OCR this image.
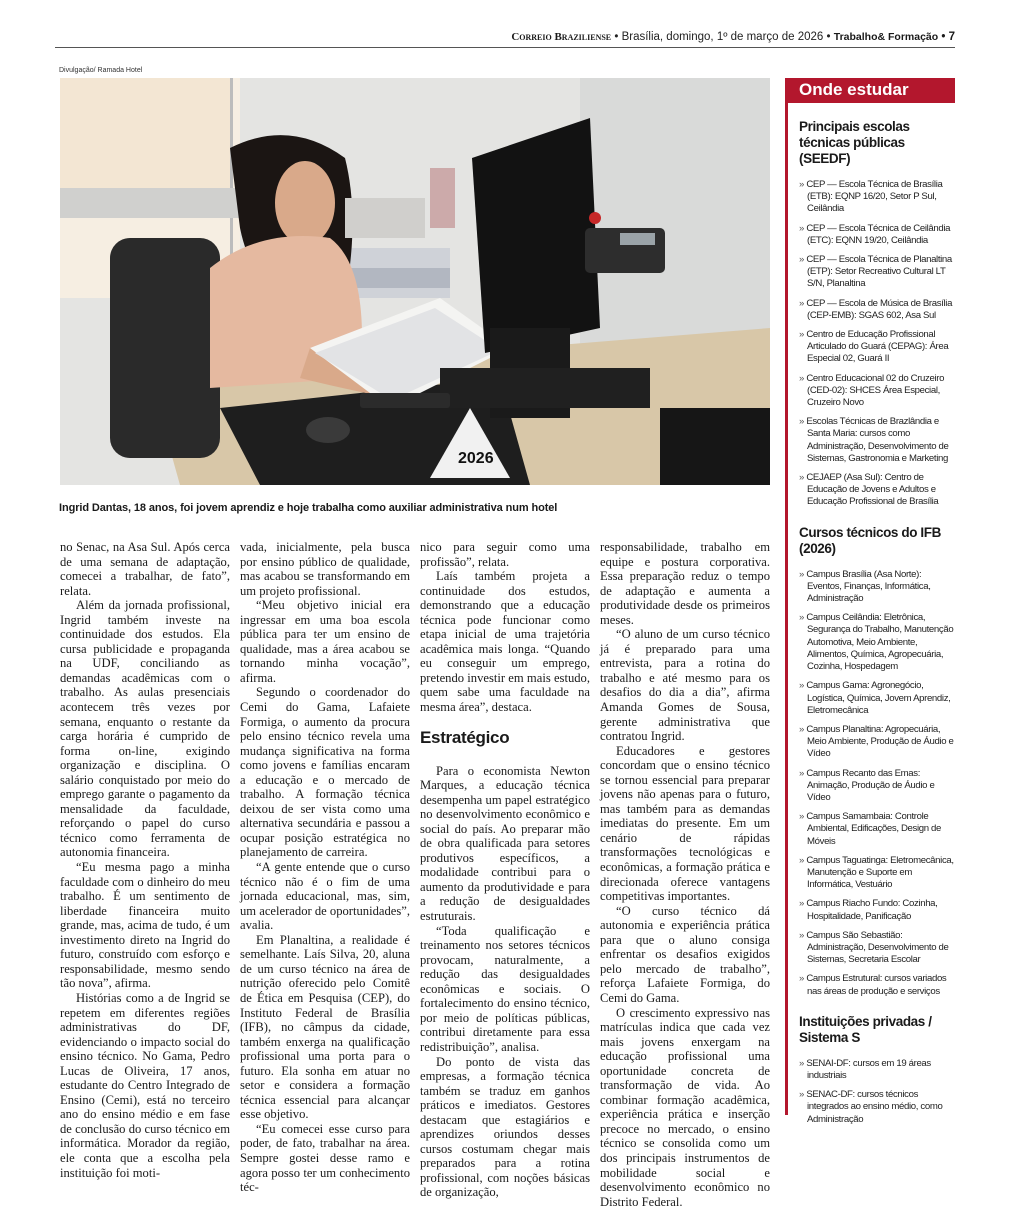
Correio Braziliense • Brasília, domingo, 1º de março de 2026 • Trabalho& Formação • 7
Divulgação/ Ramada Hotel
2026
Ingrid Dantas, 18 anos, foi jovem aprendiz e hoje trabalha como auxiliar administrativa num hotel

no Senac, na Asa Sul. Após cerca de uma semana de adaptação, comecei a trabalhar, de fato”, relata.

Além da jornada profissional, Ingrid também investe na continuidade dos estudos. Ela cursa publicidade e propaganda na UDF, conciliando as demandas acadêmicas com o trabalho. As aulas presenciais acontecem três vezes por semana, enquanto o restante da carga horária é cumprido de forma on-line, exigindo organização e disciplina. O salário conquistado por meio do emprego garante o pagamento da mensalidade da faculdade, reforçando o papel do curso técnico como ferramenta de autonomia financeira.

“Eu mesma pago a minha faculdade com o dinheiro do meu trabalho. É um sentimento de liberdade financeira muito grande, mas, acima de tudo, é um investimento direto na Ingrid do futuro, construído com esforço e responsabilidade, mesmo sendo tão nova”, afirma.

Histórias como a de Ingrid se repetem em diferentes regiões administrativas do DF, evidenciando o impacto social do ensino técnico. No Gama, Pedro Lucas de Oliveira, 17 anos, estudante do Centro Integrado de Ensino (Cemi), está no terceiro ano do ensino médio e em fase de conclusão do curso técnico em informática. Morador da região, ele conta que a escolha pela instituição foi moti-

vada, inicialmente, pela busca por ensino público de qualidade, mas acabou se transformando em um projeto profissional.

“Meu objetivo inicial era ingressar em uma boa escola pública para ter um ensino de qualidade, mas a área acabou se tornando minha vocação”, afirma.

Segundo o coordenador do Cemi do Gama, Lafaiete Formiga, o aumento da procura pelo ensino técnico revela uma mudança significativa na forma como jovens e famílias encaram a educação e o mercado de trabalho. A formação técnica deixou de ser vista como uma alternativa secundária e passou a ocupar posição estratégica no planejamento de carreira.

“A gente entende que o curso técnico não é o fim de uma jornada educacional, mas, sim, um acelerador de oportunidades”, avalia.

Em Planaltina, a realidade é semelhante. Laís Silva, 20, aluna de um curso técnico na área de nutrição oferecido pelo Comitê de Ética em Pesquisa (CEP), do Instituto Federal de Brasília (IFB), no câmpus da cidade, também enxerga na qualificação profissional uma porta para o futuro. Ela sonha em atuar no setor e considera a formação técnica essencial para alcançar esse objetivo.

“Eu comecei esse curso para poder, de fato, trabalhar na área. Sempre gostei desse ramo e agora posso ter um conhecimento téc-

nico para seguir como uma profissão”, relata.

Laís também projeta a continuidade dos estudos, demonstrando que a educação técnica pode funcionar como etapa inicial de uma trajetória acadêmica mais longa. “Quando eu conseguir um emprego, pretendo investir em mais estudo, quem sabe uma faculdade na mesma área”, destaca.

Estratégico

Para o economista Newton Marques, a educação técnica desempenha um papel estratégico no desenvolvimento econômico e social do país. Ao preparar mão de obra qualificada para setores produtivos específicos, a modalidade contribui para o aumento da produtividade e para a redução de desigualdades estruturais.

“Toda qualificação e treinamento nos setores técnicos provocam, naturalmente, a redução das desigualdades econômicas e sociais. O fortalecimento do ensino técnico, por meio de políticas públicas, contribui diretamente para essa redistribuição”, analisa.

Do ponto de vista das empresas, a formação técnica também se traduz em ganhos práticos e imediatos. Gestores destacam que estagiários e aprendizes oriundos desses cursos costumam chegar mais preparados para a rotina profissional, com noções básicas de organização,

responsabilidade, trabalho em equipe e postura corporativa. Essa preparação reduz o tempo de adaptação e aumenta a produtividade desde os primeiros meses.

“O aluno de um curso técnico já é preparado para uma entrevista, para a rotina do trabalho e até mesmo para os desafios do dia a dia”, afirma Amanda Gomes de Sousa, gerente administrativa que contratou Ingrid.

Educadores e gestores concordam que o ensino técnico se tornou essencial para preparar jovens não apenas para o futuro, mas também para as demandas imediatas do presente. Em um cenário de rápidas transformações tecnológicas e econômicas, a formação prática e direcionada oferece vantagens competitivas importantes.

“O curso técnico dá autonomia e experiência prática para que o aluno consiga enfrentar os desafios exigidos pelo mercado de trabalho”, reforça Lafaiete Formiga, do Cemi do Gama.

O crescimento expressivo nas matrículas indica que cada vez mais jovens enxergam na educação profissional uma oportunidade concreta de transformação de vida. Ao combinar formação acadêmica, experiência prática e inserção precoce no mercado, o ensino técnico se consolida como um dos principais instrumentos de mobilidade social e desenvolvimento econômico no Distrito Federal.

Onde estudar
Principais escolas técnicas públicas (SEEDF)
» CEP — Escola Técnica de Brasília (ETB): EQNP 16/20, Setor P Sul, Ceilândia
» CEP — Escola Técnica de Ceilândia (ETC): EQNN 19/20, Ceilândia
» CEP — Escola Técnica de Planaltina (ETP): Setor Recreativo Cultural LT S/N, Planaltina
» CEP — Escola de Música de Brasília (CEP-EMB): SGAS 602, Asa Sul
» Centro de Educação Profissional Articulado do Guará (CEPAG): Área Especial 02, Guará II
» Centro Educacional 02 do Cruzeiro (CED-02): SHCES Área Especial, Cruzeiro Novo
» Escolas Técnicas de Brazlândia e Santa Maria: cursos como Administração, Desenvolvimento de Sistemas, Gastronomia e Marketing
» CEJAEP (Asa Sul): Centro de Educação de Jovens e Adultos e Educação Profissional de Brasília
Cursos técnicos do IFB (2026)
» Campus Brasília (Asa Norte): Eventos, Finanças, Informática, Administração
» Campus Ceilândia: Eletrônica, Segurança do Trabalho, Manutenção Automotiva, Meio Ambiente, Alimentos, Química, Agropecuária, Cozinha, Hospedagem
» Campus Gama: Agronegócio, Logística, Química, Jovem Aprendiz, Eletromecânica
» Campus Planaltina: Agropecuária, Meio Ambiente, Produção de Áudio e Vídeo
» Campus Recanto das Emas: Animação, Produção de Áudio e Vídeo
» Campus Samambaia: Controle Ambiental, Edificações, Design de Móveis
» Campus Taguatinga: Eletromecânica, Manutenção e Suporte em Informática, Vestuário
» Campus Riacho Fundo: Cozinha, Hospitalidade, Panificação
» Campus São Sebastião: Administração, Desenvolvimento de Sistemas, Secretaria Escolar
» Campus Estrutural: cursos variados nas áreas de produção e serviços
Instituições privadas / Sistema S
» SENAI-DF: cursos em 19 áreas industriais
» SENAC-DF: cursos técnicos integrados ao ensino médio, como Administração
